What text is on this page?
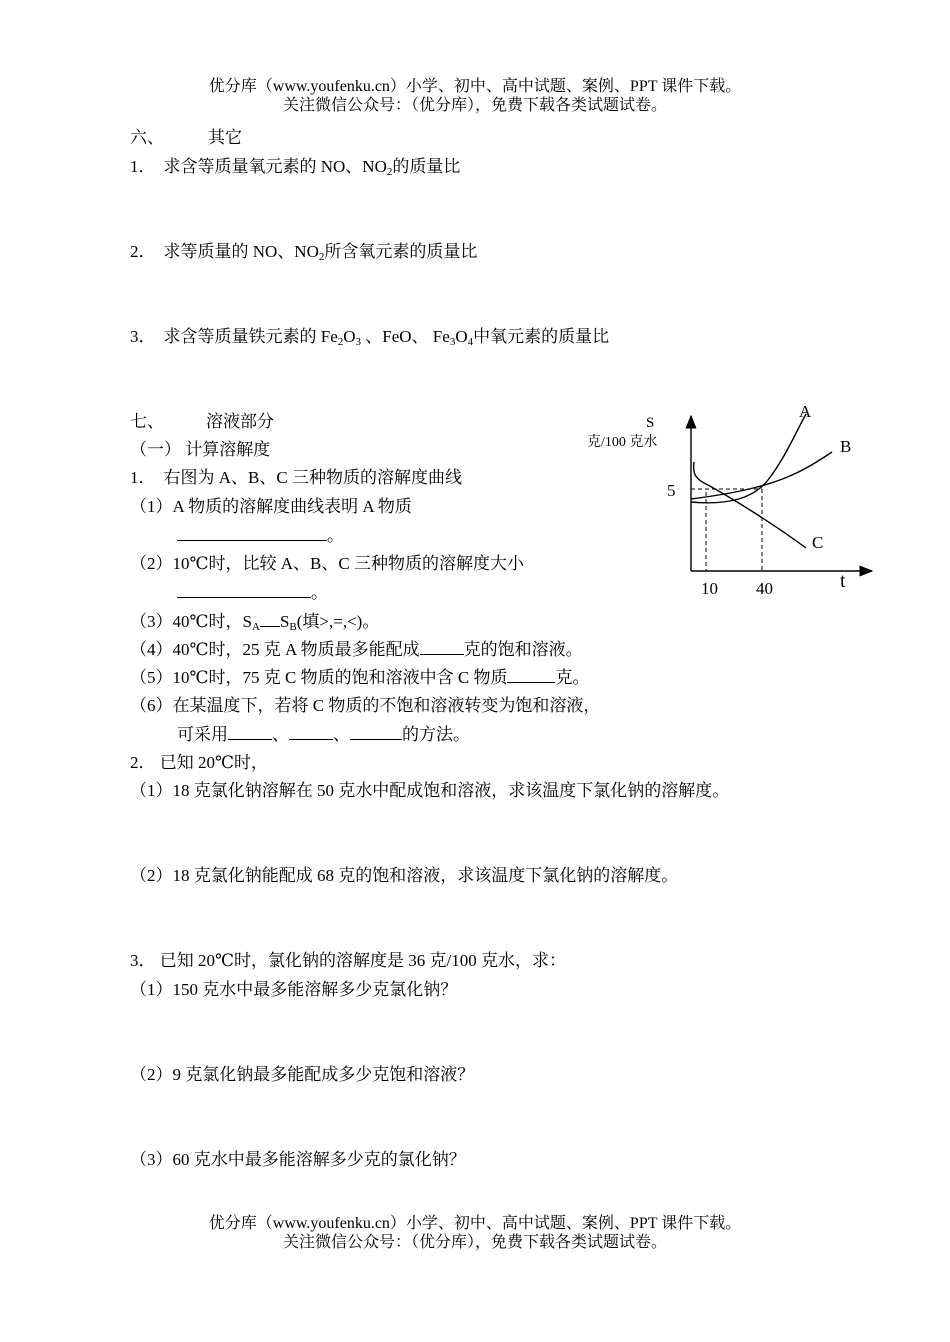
优分库（www.youfenku.cn）小学、初中、高中试题、案例、PPT 课件下载。
关注微信公众号：（优分库），免费下载各类试题试卷。
六、	其它
1． 求含等质量氧元素的 NO、$NO_2$的质量比
2． 求等质量的 NO、$NO_2$所含氧元素的质量比
3． 求含等质量铁元素的 $Fe_2O_3$ 、FeO、 $Fe_3O_4$中氧元素的质量比
七、 溶液部分
（一） 计算溶解度
1． 右图为 A、B、C 三种物质的溶解度曲线
（1）A 物质的溶解度曲线表明 A 物质
。
（2）10℃时，比较 A、B、C 三种物质的溶解度大小
。
（3）40℃时，$S_A$ $S_B$(填>,=,<)。
（4）40℃时，25 克 A 物质最多能配成	克的饱和溶液。
（5）10℃时，75 克 C 物质的饱和溶液中含 C 物质	克。
（6）在某温度下，若将 C 物质的不饱和溶液转变为饱和溶液，
可采用	、	、	的方法。
2． 已知 20℃时，
（1）18 克氯化钠溶解在 50 克水中配成饱和溶液，求该温度下氯化钠的溶解度。
（2）18 克氯化钠能配成 68 克的饱和溶液，求该温度下氯化钠的溶解度。
3． 已知 20℃时，氯化钠的溶解度是 36 克/100 克水，求：
（1）150 克水中最多能溶解多少克氯化钠？
（2）9 克氯化钠最多能配成多少克饱和溶液？
（3）60 克水中最多能溶解多少克的氯化钠？
S
克/100 克水
5
10 40	t
A
B
C
优分库（www.youfenku.cn）小学、初中、高中试题、案例、PPT 课件下载。
关注微信公众号：（优分库），免费下载各类试题试卷。
